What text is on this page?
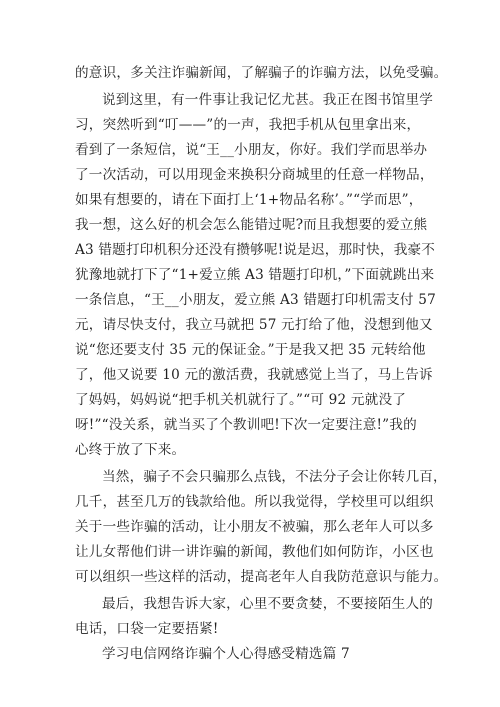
的意识，多关注诈骗新闻，了解骗子的诈骗方法，以免受骗。
说到这里，有一件事让我记忆尤甚。我正在图书馆里学
习，突然听到“叮——”的一声，我把手机从包里拿出来，
看到了一条短信，说“王__小朋友，你好。我们学而思举办
了一次活动，可以用现金来换积分商城里的任意一样物品，
如果有想要的，请在下面打上‘1+物品名称’。”“学而思”，
我一想，这么好的机会怎么能错过呢?而且我想要的爱立熊
A3 错题打印机积分还没有攒够呢!说是迟，那时快，我豪不
犹豫地就打下了“1+爱立熊 A3 错题打印机，”下面就跳出来
一条信息，“王__小朋友，爱立熊 A3 错题打印机需支付 57
元，请尽快支付，我立马就把 57 元打给了他，没想到他又
说“您还要支付 35 元的保证金。”于是我又把 35 元转给他
了，他又说要 10 元的激活费，我就感觉上当了，马上告诉
了妈妈，妈妈说“把手机关机就行了。”“可 92 元就没了
呀!”“没关系，就当买了个教训吧!下次一定要注意!”我的
心终于放了下来。
当然，骗子不会只骗那么点钱，不法分子会让你转几百，
几千，甚至几万的钱款给他。所以我觉得，学校里可以组织
关于一些诈骗的活动，让小朋友不被骗，那么老年人可以多
让儿女帮他们讲一讲诈骗的新闻，教他们如何防诈，小区也
可以组织一些这样的活动，提高老年人自我防范意识与能力。
最后，我想告诉大家，心里不要贪婪，不要接陌生人的
电话，口袋一定要捂紧!
学习电信网络诈骗个人心得感受精选篇 7
